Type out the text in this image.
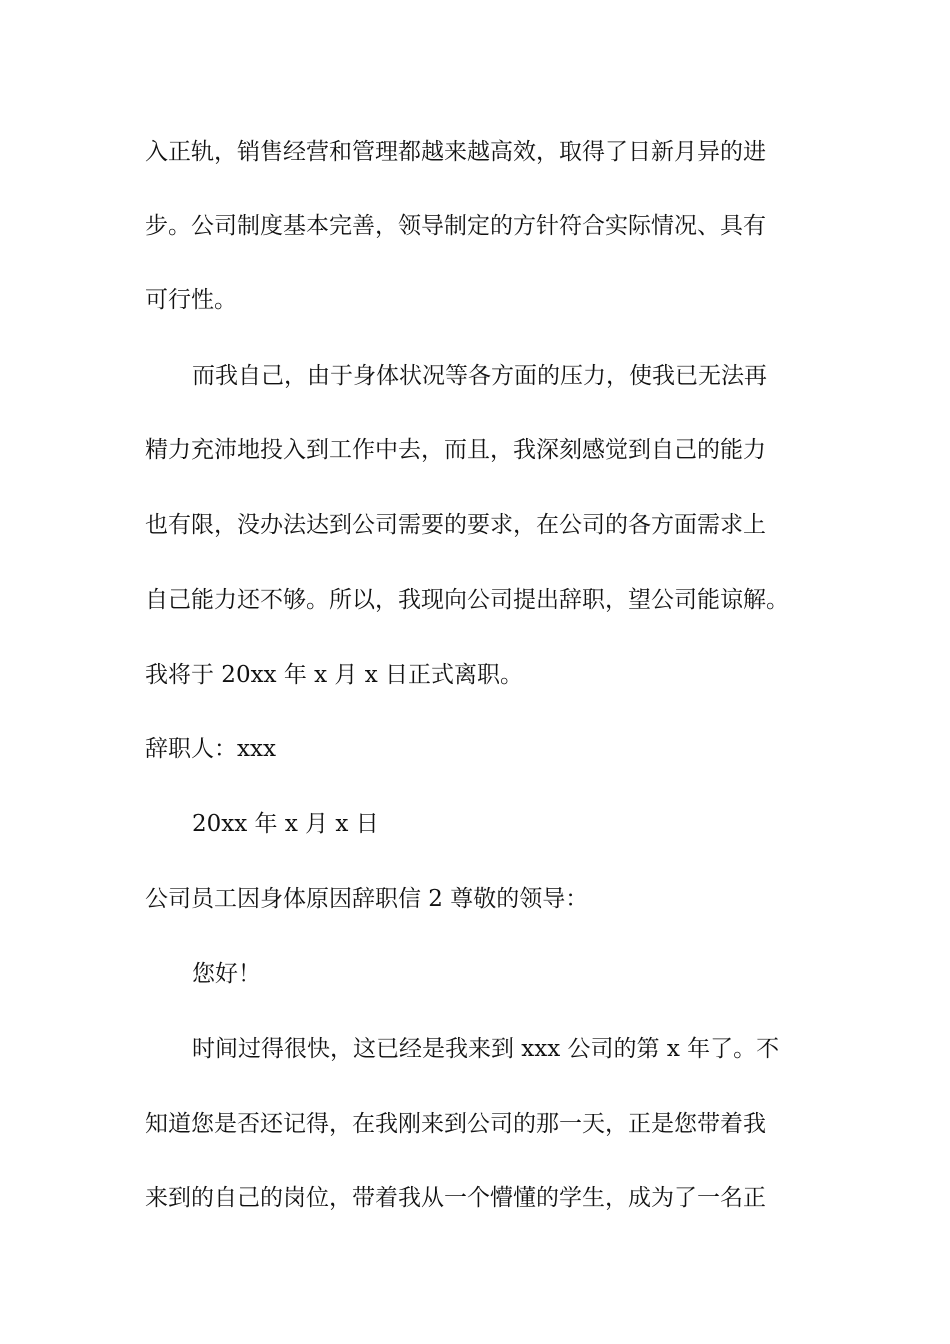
入正轨，销售经营和管理都越来越高效，取得了日新月异的进
步。公司制度基本完善，领导制定的方针符合实际情况、具有
可行性。
而我自己，由于身体状况等各方面的压力，使我已无法再
精力充沛地投入到工作中去，而且，我深刻感觉到自己的能力
也有限，没办法达到公司需要的要求，在公司的各方面需求上
自己能力还不够。所以，我现向公司提出辞职，望公司能谅解。
我将于 20xx 年 x 月 x 日正式离职。
辞职人：xxx
20xx 年 x 月 x 日
公司员工因身体原因辞职信 2 尊敬的领导：
您好！
时间过得很快，这已经是我来到 xxx 公司的第 x 年了。不
知道您是否还记得，在我刚来到公司的那一天，正是您带着我
来到的自己的岗位，带着我从一个懵懂的学生，成为了一名正
